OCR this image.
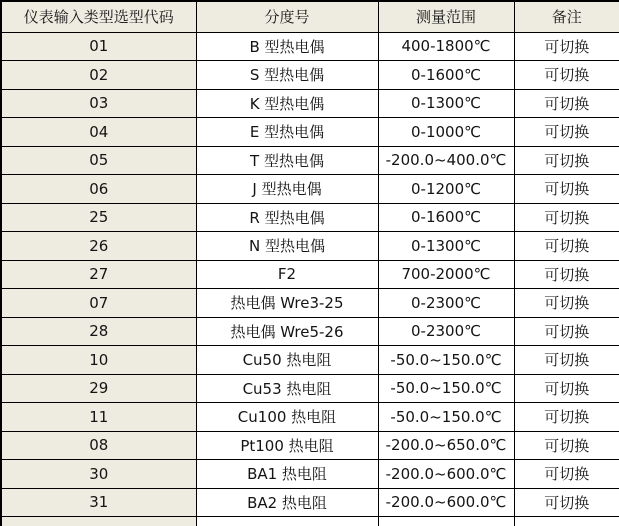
仪表输入类型选型代码	分度号	测量范围	备注
01	B 型热电偶	400-1800℃	可切换
02	S 型热电偶	0-1600℃	可切换
03	K 型热电偶	0-1300℃	可切换
04	E 型热电偶	0-1000℃	可切换
05	T 型热电偶	-200.0~400.0℃	可切换
06	J 型热电偶	0-1200℃	可切换
25	R 型热电偶	0-1600℃	可切换
26	N 型热电偶	0-1300℃	可切换
27	F2	700-2000℃	可切换
07	热电偶 Wre3-25	0-2300℃	可切换
28	热电偶 Wre5-26	0-2300℃	可切换
10	Cu50 热电阻	-50.0~150.0℃	可切换
29	Cu53 热电阻	-50.0~150.0℃	可切换
11	Cu100 热电阻	-50.0~150.0℃	可切换
08	Pt100 热电阻	-200.0~650.0℃	可切换
30	BA1 热电阻	-200.0~600.0℃	可切换
31	BA2 热电阻	-200.0~600.0℃	可切换
